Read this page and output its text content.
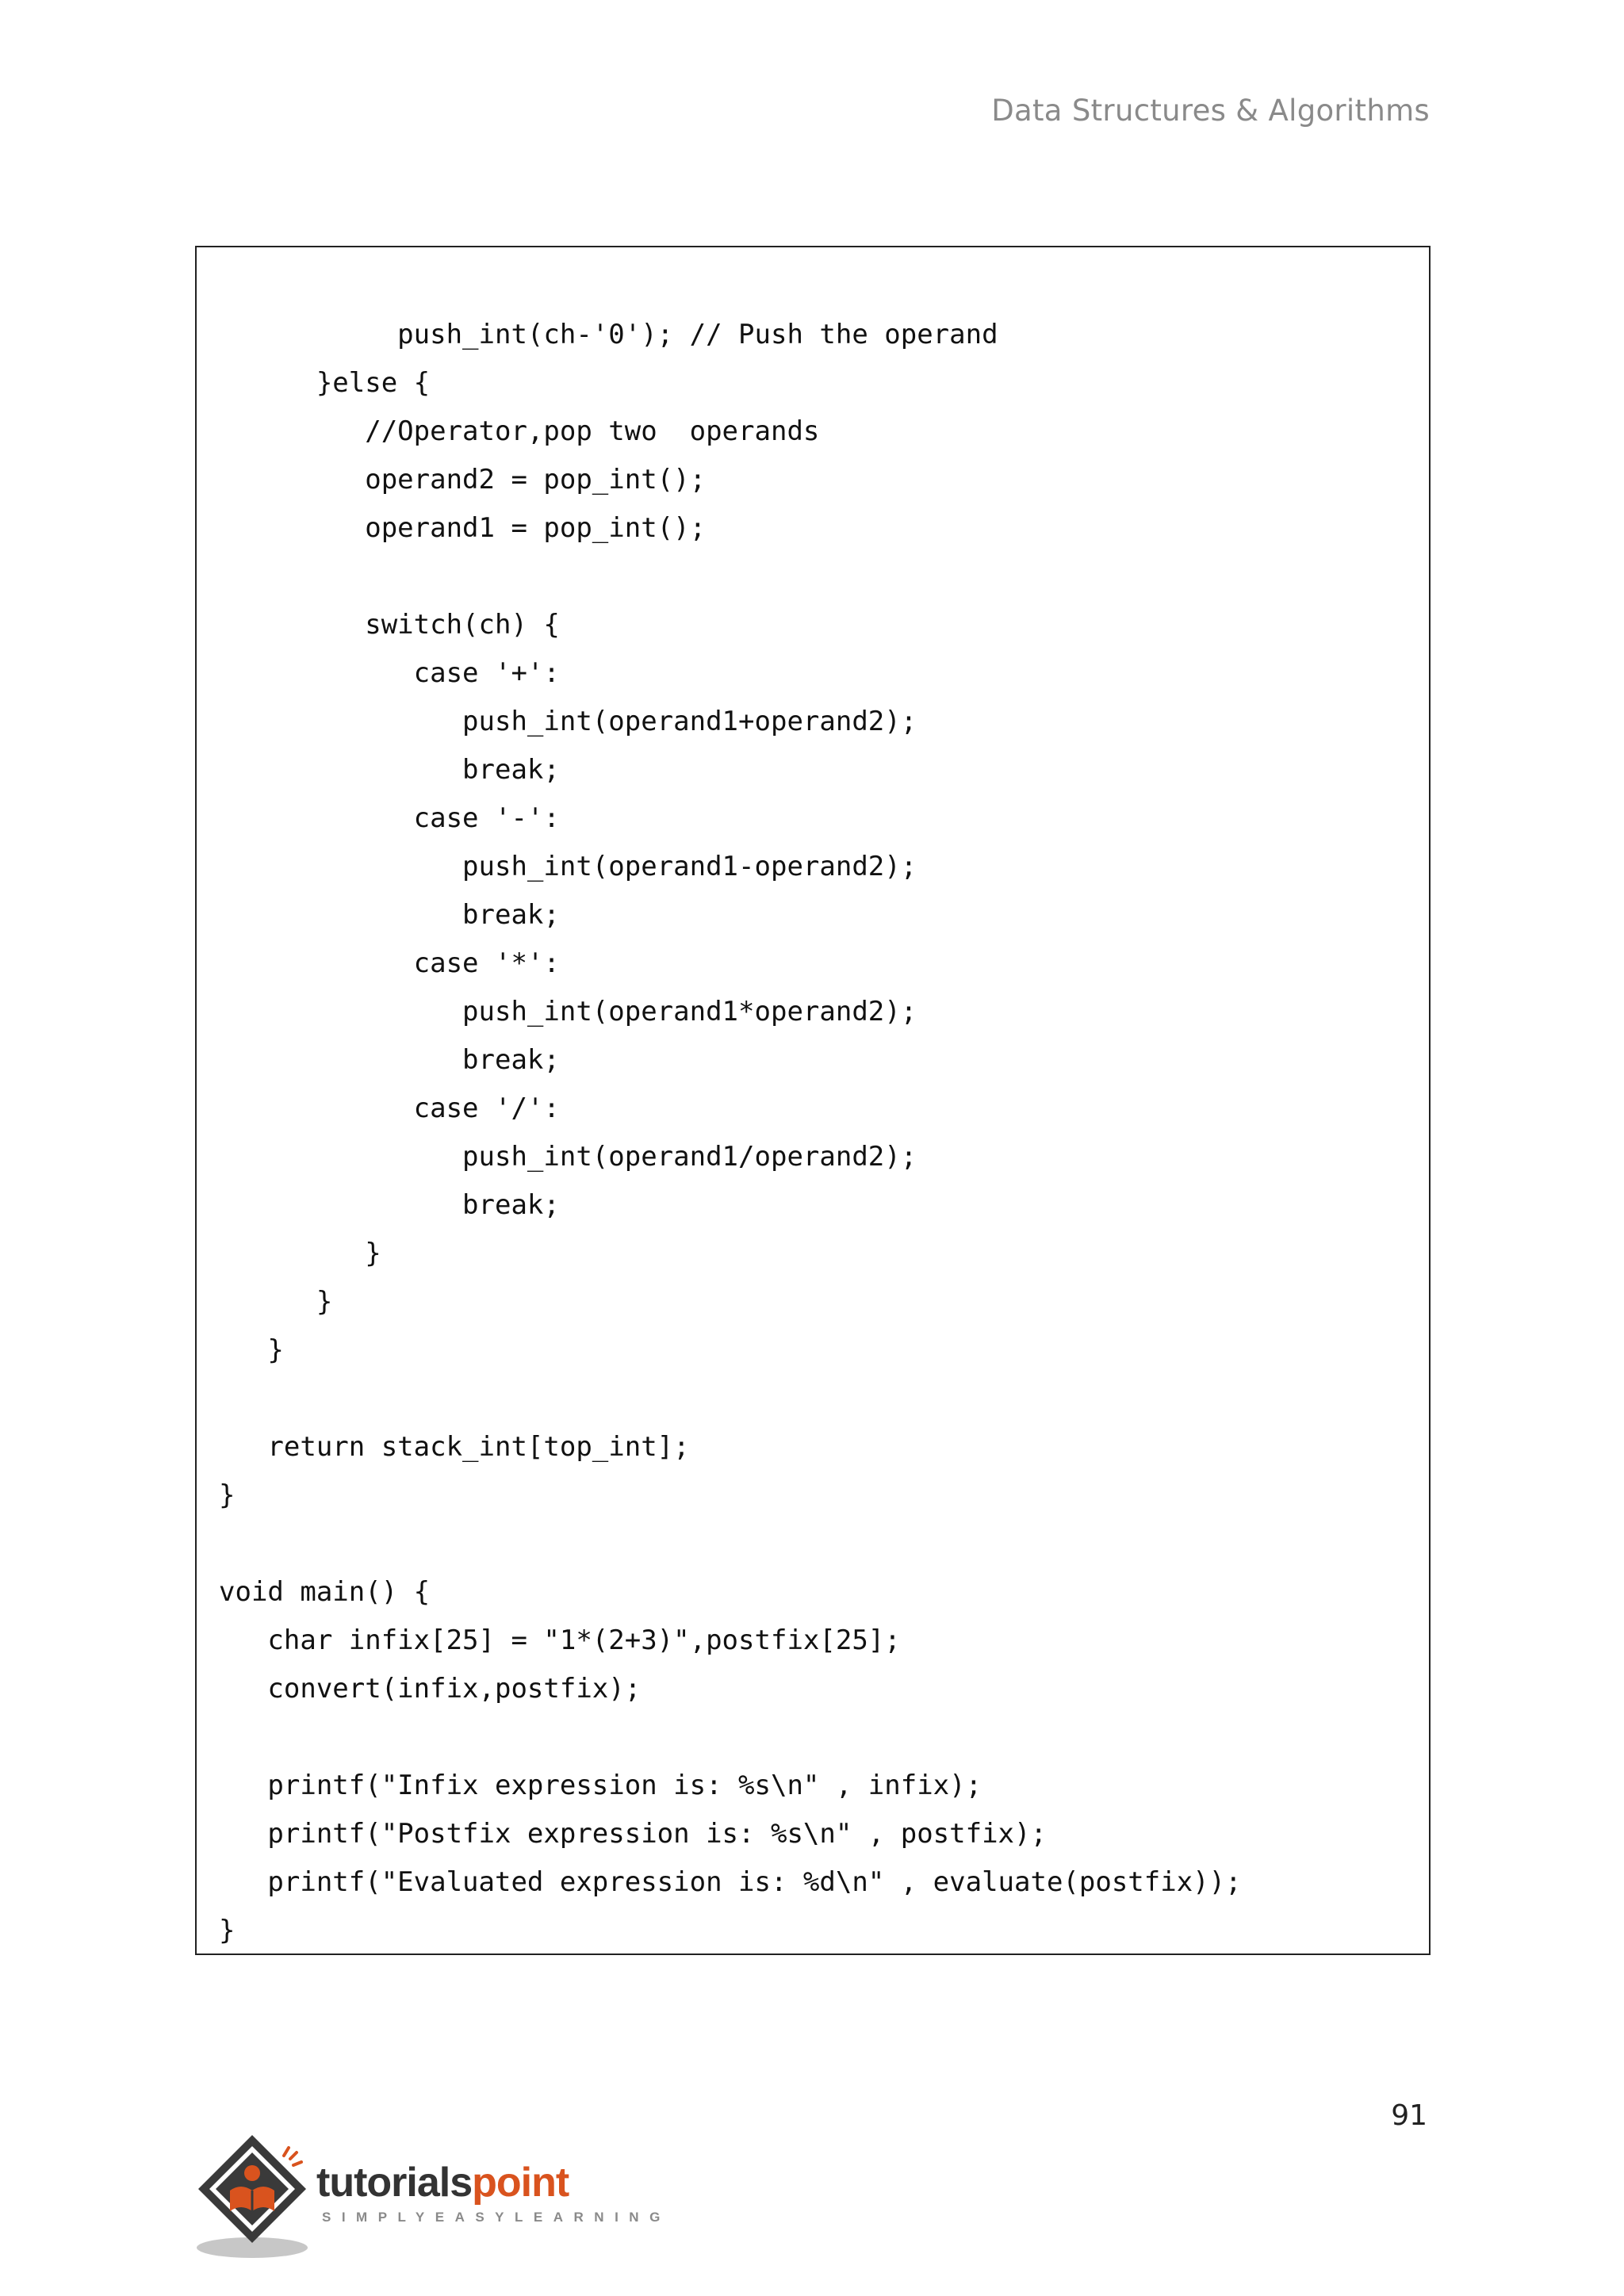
Data Structures & Algorithms
push_int(ch-'0'); // Push the operand
}else {
//Operator,pop two  operands
operand2 = pop_int();
operand1 = pop_int();

switch(ch) {
case '+':
push_int(operand1+operand2);
break;
case '-':
push_int(operand1-operand2);
break;
case '*':
push_int(operand1*operand2);
break;
case '/':
push_int(operand1/operand2);
break;
}
}
}

return stack_int[top_int];
}

void main() {
char infix[25] = "1*(2+3)",postfix[25];
convert(infix,postfix);

printf("Infix expression is: %s\n" , infix);
printf("Postfix expression is: %s\n" , postfix);
printf("Evaluated expression is: %d\n" , evaluate(postfix));
}
91
tutorialspoint
SIMPLYEASYLEARNING
